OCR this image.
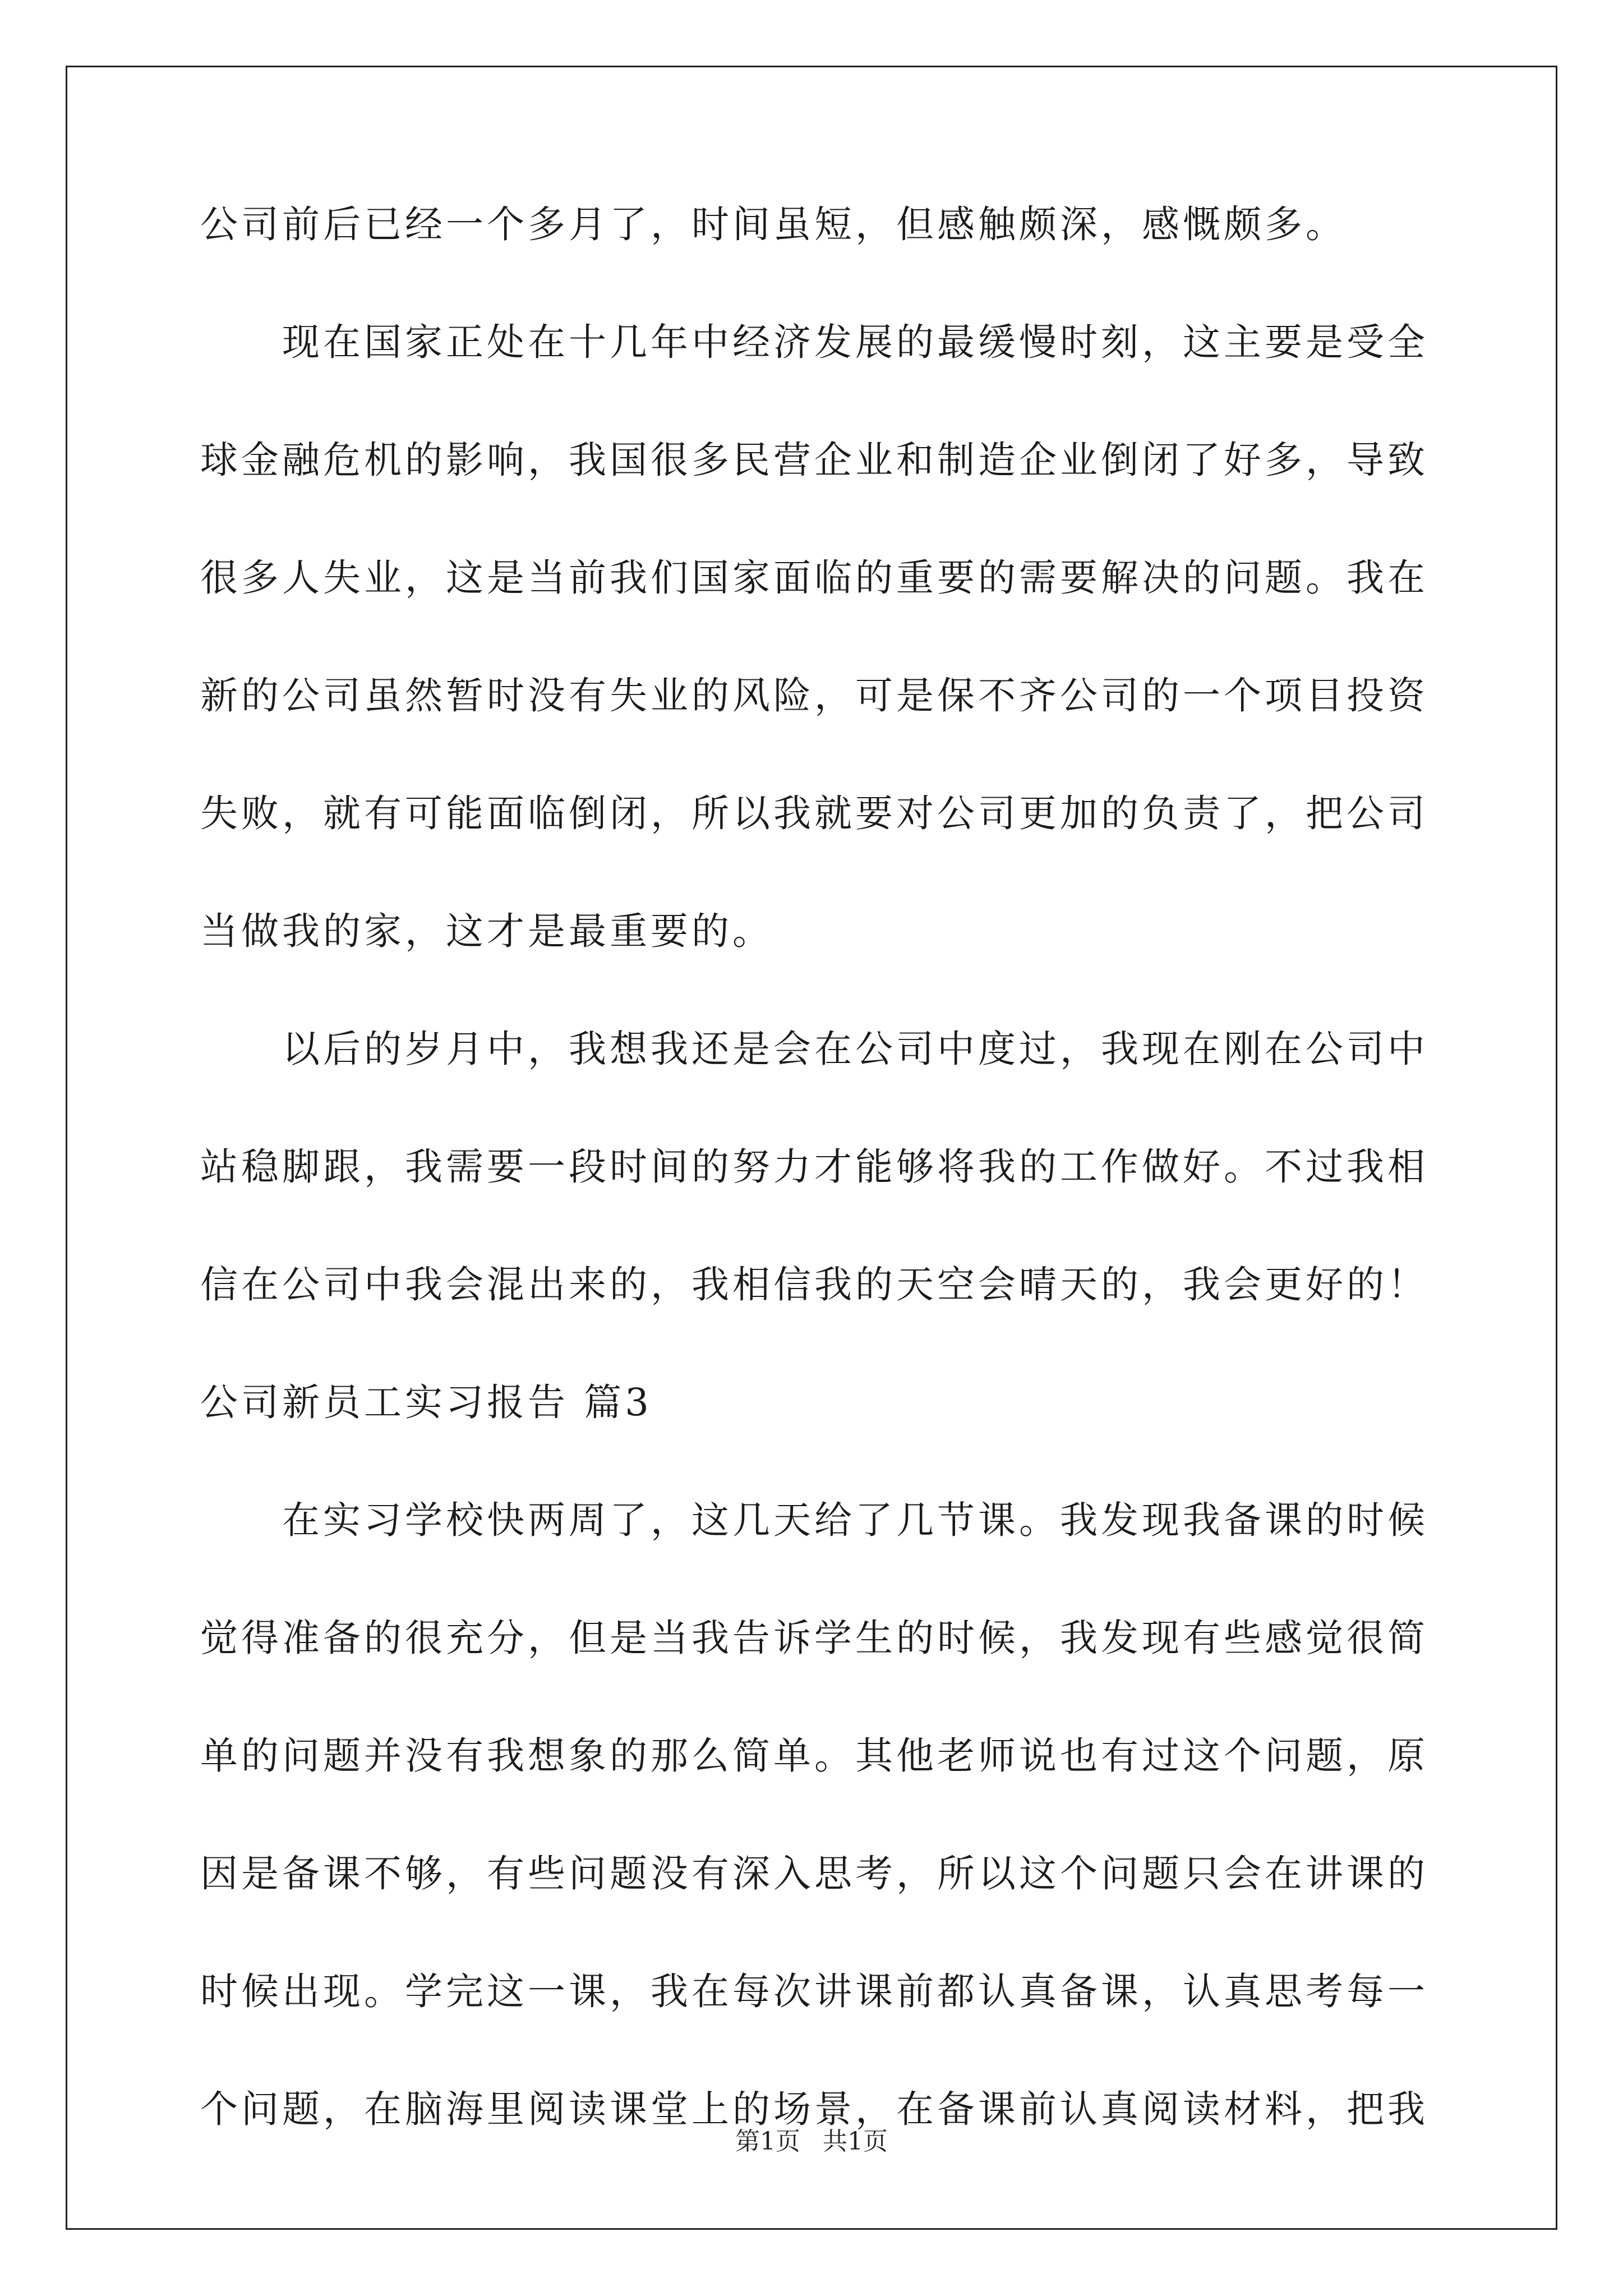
公司前后已经一个多月了，时间虽短，但感触颇深，感慨颇多。
现在国家正处在十几年中经济发展的最缓慢时刻，这主要是受全
球金融危机的影响，我国很多民营企业和制造企业倒闭了好多，导致
很多人失业，这是当前我们国家面临的重要的需要解决的问题。我在
新的公司虽然暂时没有失业的风险，可是保不齐公司的一个项目投资
失败，就有可能面临倒闭，所以我就要对公司更加的负责了，把公司
当做我的家，这才是最重要的。
以后的岁月中，我想我还是会在公司中度过，我现在刚在公司中
站稳脚跟，我需要一段时间的努力才能够将我的工作做好。不过我相
信在公司中我会混出来的，我相信我的天空会晴天的，我会更好的！
公司新员工实习报告 篇3
在实习学校快两周了，这几天给了几节课。我发现我备课的时候
觉得准备的很充分，但是当我告诉学生的时候，我发现有些感觉很简
单的问题并没有我想象的那么简单。其他老师说也有过这个问题，原
因是备课不够，有些问题没有深入思考，所以这个问题只会在讲课的
时候出现。学完这一课，我在每次讲课前都认真备课，认真思考每一
个问题，在脑海里阅读课堂上的场景，在备课前认真阅读材料，把我
第1页 共1页
